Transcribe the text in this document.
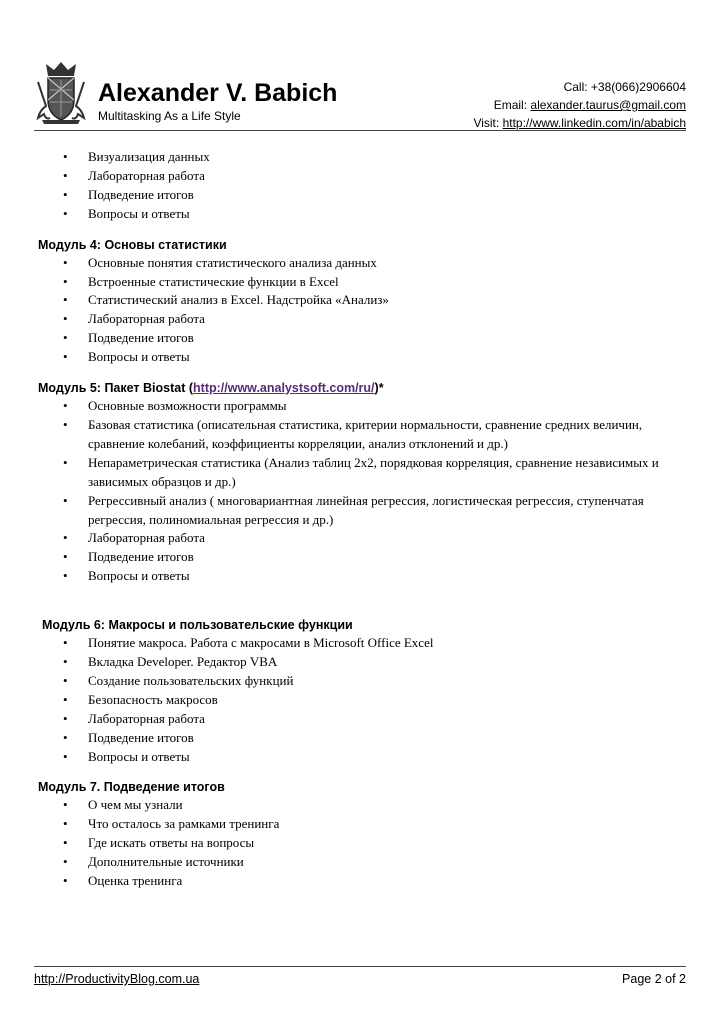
Alexander V. Babich
Multitasking As a Life Style
Call: +38(066)2906604
Email: alexander.taurus@gmail.com
Visit: http://www.linkedin.com/in/ababich
• Визуализация данных
• Лабораторная работа
• Подведение итогов
• Вопросы и ответы
Модуль 4: Основы статистики
• Основные понятия статистического анализа данных
• Встроенные статистические функции в Excel
• Статистический анализ в Excel. Надстройка «Анализ»
• Лабораторная работа
• Подведение итогов
• Вопросы и ответы
Модуль 5: Пакет Biostat (http://www.analystsoft.com/ru/)*
• Основные возможности программы
• Базовая статистика (описательная статистика, критерии нормальности, сравнение средних величин,
сравнение колебаний, коэффициенты корреляции, анализ отклонений и др.)
• Непараметрическая статистика (Анализ таблиц 2х2, порядковая корреляция, сравнение независимых и
зависимых образцов и др.)
• Регрессивный анализ ( многовариантная линейная регрессия, логистическая регрессия, ступенчатая
регрессия, полиномиальная регрессия и др.)
• Лабораторная работа
• Подведение итогов
• Вопросы и ответы
Модуль 6: Макросы и пользовательские функции
• Понятие макроса. Работа с макросами в Microsoft Office Excel
• Вкладка Developer. Редактор VBA
• Создание пользовательских функций
• Безопасность макросов
• Лабораторная работа
• Подведение итогов
• Вопросы и ответы
Модуль 7. Подведение итогов
• О чем мы узнали
• Что осталось за рамками тренинга
• Где искать ответы на вопросы
• Дополнительные источники
• Оценка тренинга
http://ProductivityBlog.com.ua	Page 2 of 2
